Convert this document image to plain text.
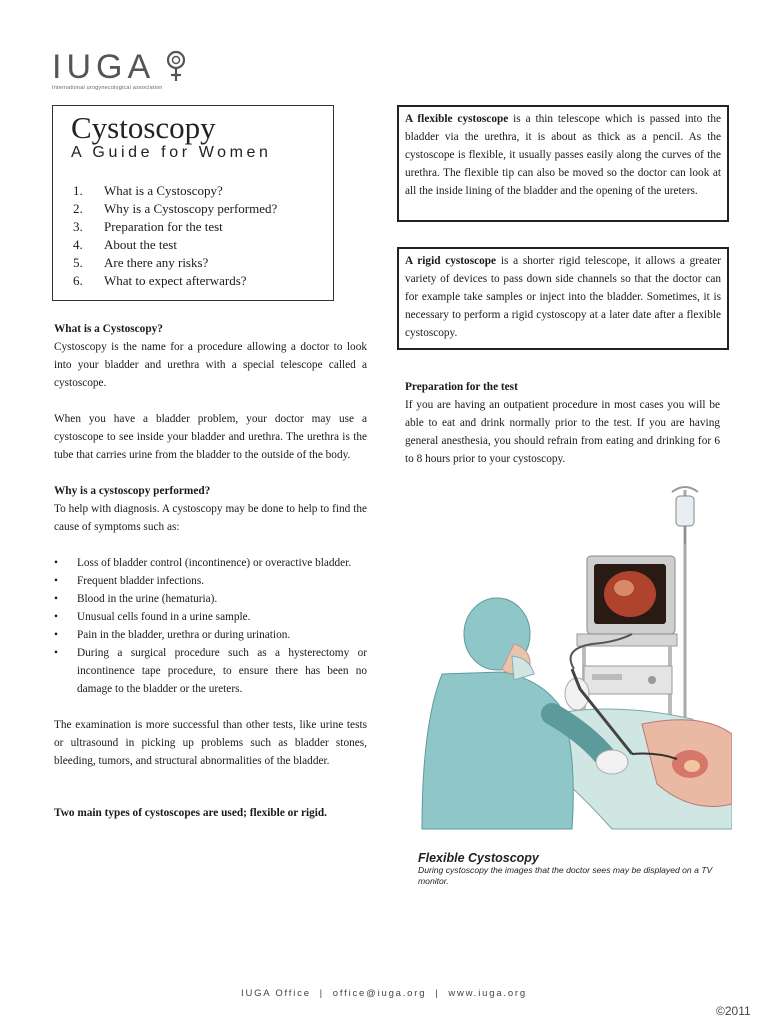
IUGA
International urogynecological association
Cystoscopy
A Guide for Women
1.	What is a Cystoscopy?
2.	Why is a Cystoscopy performed?
3.	Preparation for the test
4.	About the test
5.	Are there any risks?
6.	What to expect afterwards?

What is a Cystoscopy?

Cystoscopy is the name for a procedure allowing a doctor to look into your bladder and urethra with a special telescope called a cystoscope.

When you have a bladder problem, your doctor may use a cystoscope to see inside your bladder and urethra. The urethra is the tube that carries urine from the bladder to the outside of the body.

Why is a cystoscopy performed?

To help with diagnosis. A cystoscopy may be done to help to find the cause of symptoms such as:

• Loss of bladder control (incontinence) or overactive bladder.
• Frequent bladder infections.
• Blood in the urine (hematuria).
• Unusual cells found in a urine sample.
• Pain in the bladder, urethra or during urination.
• During a surgical procedure such as a hysterectomy or incontinence tape procedure, to ensure there has been no damage to the bladder or the ureters.

The examination is more successful than other tests, like urine tests or ultrasound in picking up problems such as bladder stones, bleeding, tumors, and structural abnormalities of the bladder.

Two main types of cystoscopes are used; flexible or rigid.

A flexible cystoscope is a thin telescope which is passed into the bladder via the urethra, it is about as thick as a pencil. As the cystoscope is flexible, it usually passes easily along the curves of the urethra. The flexible tip can also be moved so the doctor can look at all the inside lining of the bladder and the opening of the ureters.

A rigid cystoscope is a shorter rigid telescope, it allows a greater variety of devices to pass down side channels so that the doctor can for example take samples or inject into the bladder. Sometimes, it is necessary to perform a rigid cystoscopy at a later date after a flexible cystoscopy.

Preparation for the test

If you are having an outpatient procedure in most cases you will be able to eat and drink normally prior to the test. If you are having general anesthesia, you should refrain from eating and drinking for 6 to 8 hours prior to your cystoscopy.

Flexible Cystoscopy
During cystoscopy the images that the doctor sees may be displayed on a TV monitor.
IUGA Office  |  office@iuga.org  |  www.iuga.org
©2011
